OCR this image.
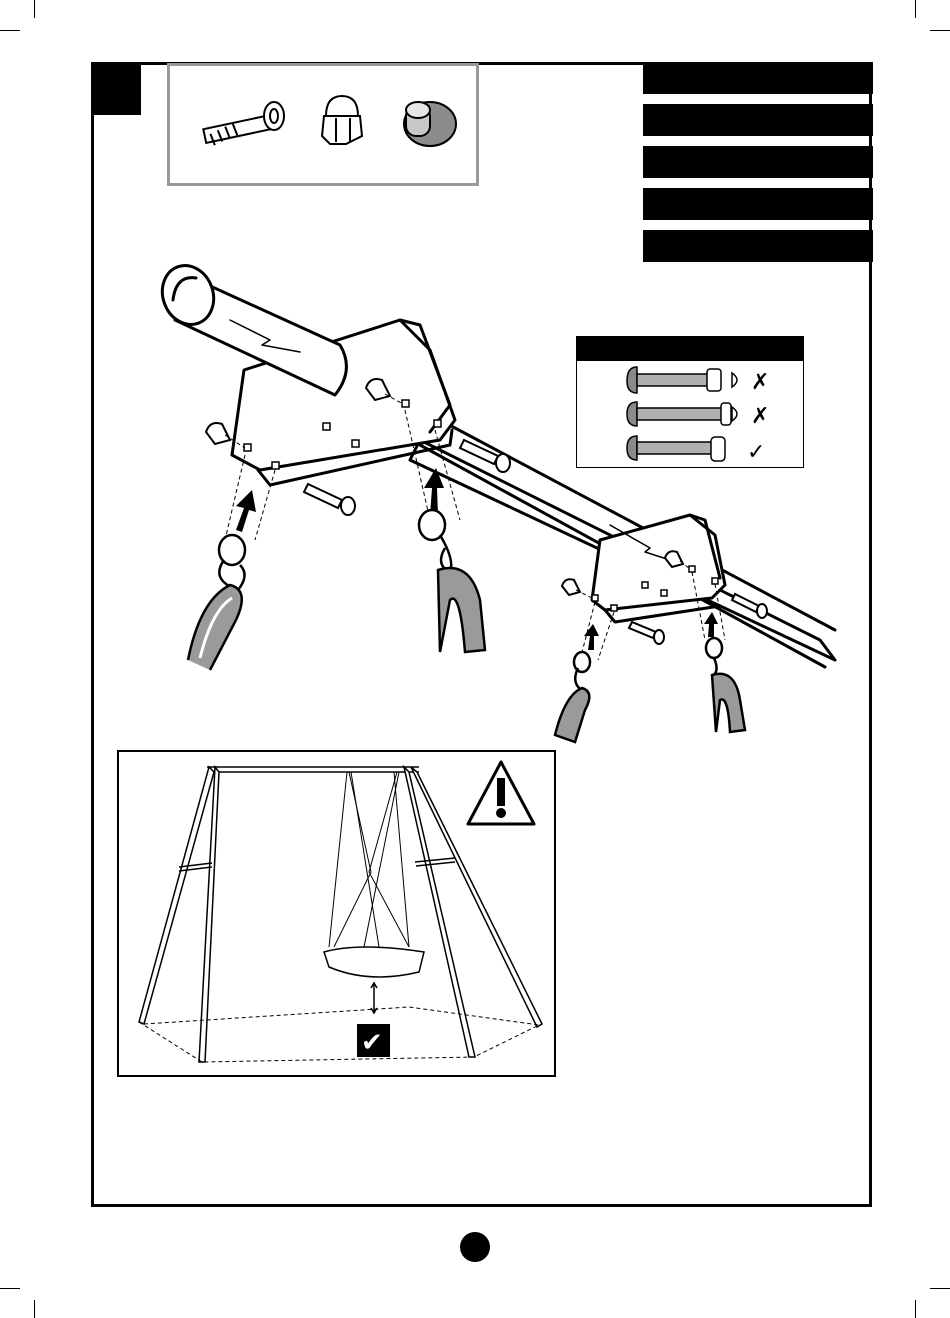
✗
✗
✓
✔
